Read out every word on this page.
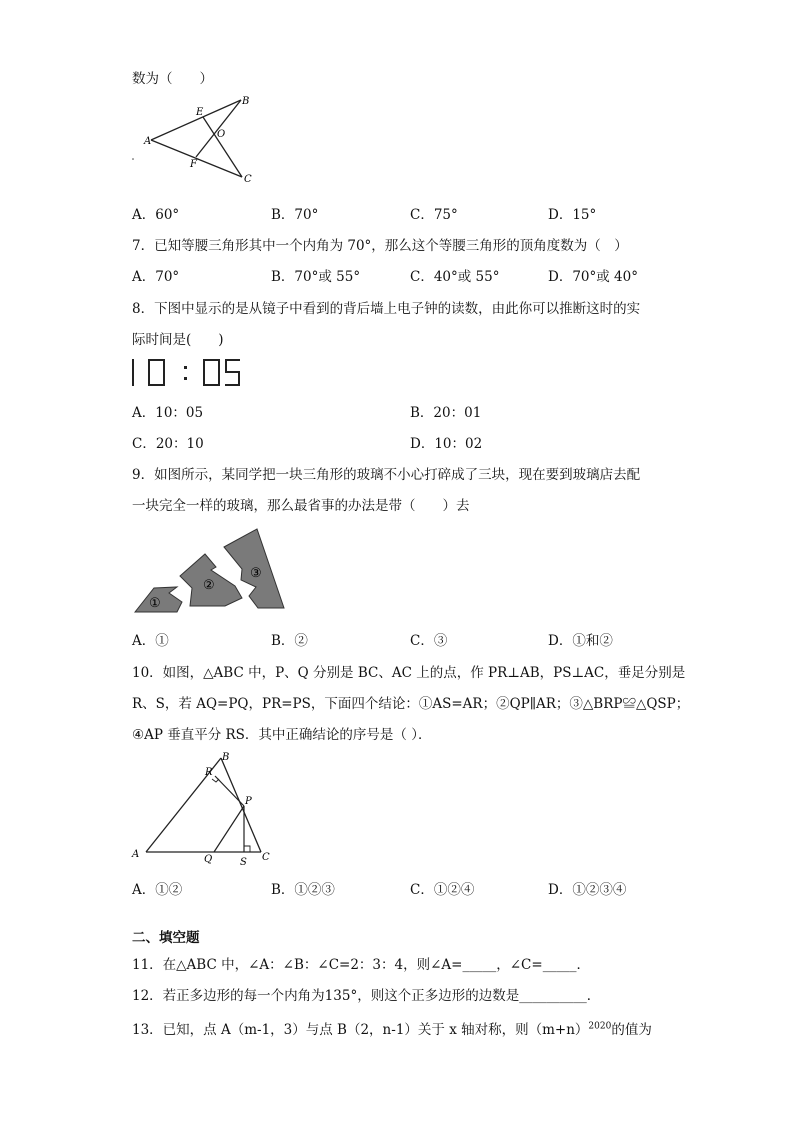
数为（　　）
A
B
C
E
F
O
A．60°	B．70°	C．75°	D．15°
7．已知等腰三角形其中一个内角为 70°，那么这个等腰三角形的顶角度数为（　）
A．70°	B．70°或 55°	C．40°或 55°	D．70°或 40°
8．下图中显示的是从镜子中看到的背后墙上电子钟的读数，由此你可以推断这时的实
际时间是(　　)
A．10：05	B．20：01
C．20：10	D．10：02
9．如图所示，某同学把一块三角形的玻璃不小心打碎成了三块，现在要到玻璃店去配
一块完全一样的玻璃，那么最省事的办法是带（　　）去
①
②
③
A．①	B．②	C．③	D．①和②
10．如图，△ABC 中，P、Q 分别是 BC、AC 上的点，作 PR⊥AB，PS⊥AC，垂足分别是
R、S，若 AQ=PQ，PR=PS，下面四个结论：①AS=AR；②QP∥AR；③△BRP≌△QSP；
④AP 垂直平分 RS．其中正确结论的序号是（ ）．
A
B
C
P
Q
R
S
A．①②	B．①②③	C．①②④	D．①②③④
二、填空题
11．在△ABC 中，∠A：∠B：∠C=2：3：4，则∠A=_____，∠C=_____．
12．若正多边形的每一个内角为135°，则这个正多边形的边数是__________．
13．已知，点 A（m-1，3）与点 B（2，n-1）关于 x 轴对称，则$(m+n)^{2020}$的值为
